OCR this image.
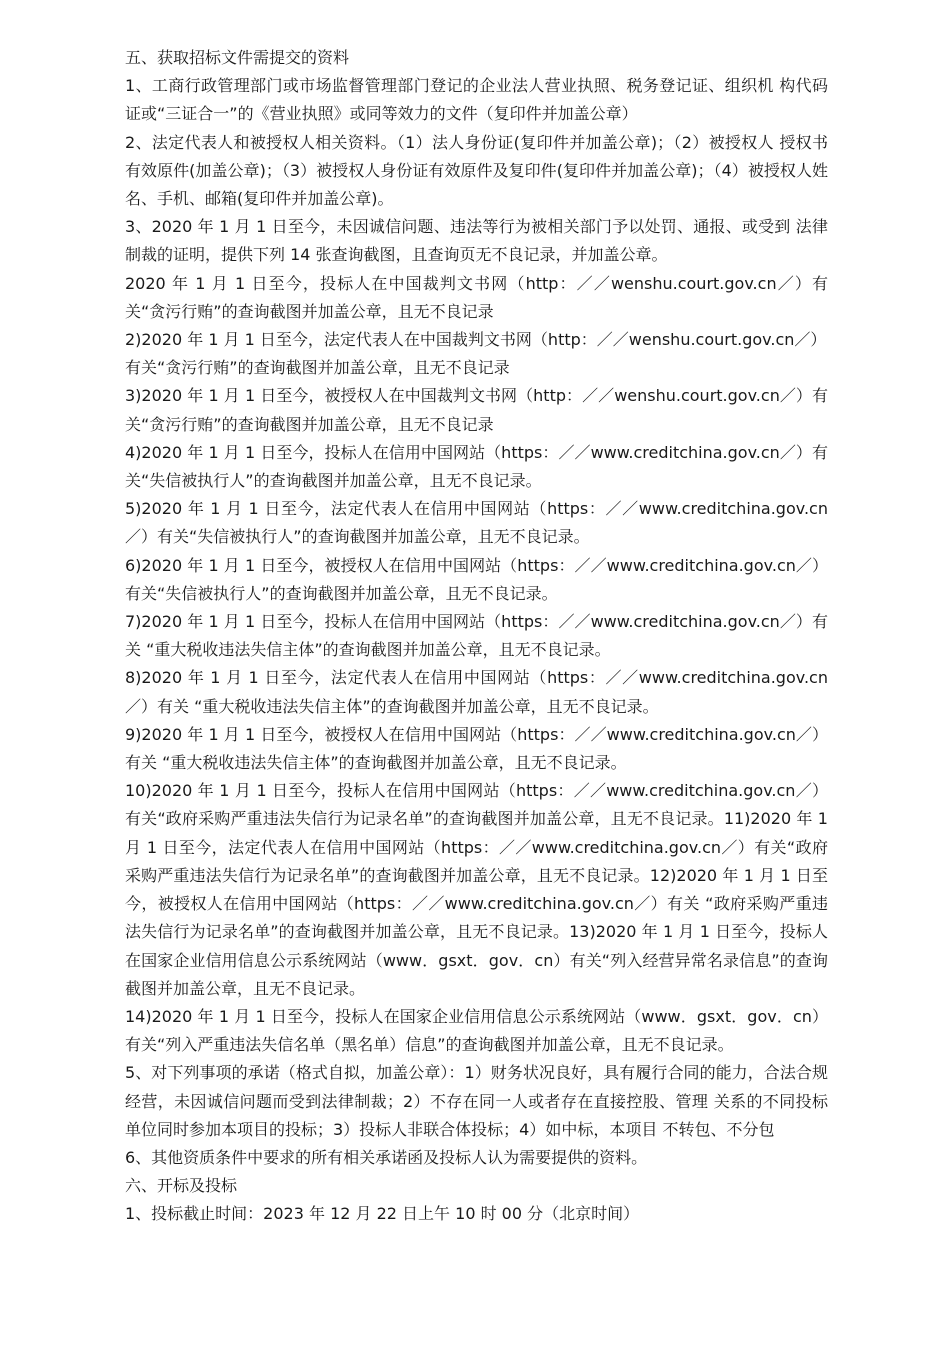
五、获取招标文件需提交的资料

1、工商行政管理部门或市场监督管理部门登记的企业法人营业执照、税务登记证、组织机 构代码证或“三证合一”的《营业执照》或同等效力的文件（复印件并加盖公章）

2、法定代表人和被授权人相关资料。（1）法人身份证(复印件并加盖公章)；（2）被授权人 授权书有效原件(加盖公章)；（3）被授权人身份证有效原件及复印件(复印件并加盖公章)；（4）被授权人姓名、手机、邮箱(复印件并加盖公章)。

3、2020 年 1 月 1 日至今，未因诚信问题、违法等行为被相关部门予以处罚、通报、或受到 法律制裁的证明，提供下列 14 张查询截图，且查询页无不良记录，并加盖公章。

2020 年 1 月 1 日至今，投标人在中国裁判文书网（http：／／wenshu.court.gov.cn／）有关“贪污行贿”的查询截图并加盖公章，且无不良记录

2)2020 年 1 月 1 日至今，法定代表人在中国裁判文书网（http：／／wenshu.court.gov.cn／）

有关“贪污行贿”的查询截图并加盖公章，且无不良记录

3)2020 年 1 月 1 日至今，被授权人在中国裁判文书网（http：／／wenshu.court.gov.cn／）有关“贪污行贿”的查询截图并加盖公章，且无不良记录

4)2020 年 1 月 1 日至今，投标人在信用中国网站（https：／／www.creditchina.gov.cn／）有关“失信被执行人”的查询截图并加盖公章，且无不良记录。

5)2020 年 1 月 1 日至今，法定代表人在信用中国网站（https：／／www.creditchina.gov.cn／）有关“失信被执行人”的查询截图并加盖公章，且无不良记录。

6)2020 年 1 月 1 日至今，被授权人在信用中国网站（https：／／www.creditchina.gov.cn／）有关“失信被执行人”的查询截图并加盖公章，且无不良记录。

7)2020 年 1 月 1 日至今，投标人在信用中国网站（https：／／www.creditchina.gov.cn／）有关 “重大税收违法失信主体”的查询截图并加盖公章，且无不良记录。

8)2020 年 1 月 1 日至今，法定代表人在信用中国网站（https：／／www.creditchina.gov.cn／）有关 “重大税收违法失信主体”的查询截图并加盖公章，且无不良记录。

9)2020 年 1 月 1 日至今，被授权人在信用中国网站（https：／／www.creditchina.gov.cn／）有关 “重大税收违法失信主体”的查询截图并加盖公章，且无不良记录。

10)2020 年 1 月 1 日至今，投标人在信用中国网站（https：／／www.creditchina.gov.cn／）有关“政府采购严重违法失信行为记录名单”的查询截图并加盖公章，且无不良记录。11)2020 年 1 月 1 日至今，法定代表人在信用中国网站（https：／／www.creditchina.gov.cn／）有关“政府采购严重违法失信行为记录名单”的查询截图并加盖公章，且无不良记录。12)2020 年 1 月 1 日至今，被授权人在信用中国网站（https：／／www.creditchina.gov.cn／）有关 “政府采购严重违法失信行为记录名单”的查询截图并加盖公章，且无不良记录。13)2020 年 1 月 1 日至今，投标人在国家企业信用信息公示系统网站（www．gsxt．gov．cn）有关“列入经营异常名录信息”的查询截图并加盖公章，且无不良记录。

14)2020 年 1 月 1 日至今，投标人在国家企业信用信息公示系统网站（www．gsxt．gov．cn）有关“列入严重违法失信名单（黑名单）信息”的查询截图并加盖公章，且无不良记录。

5、对下列事项的承诺（格式自拟，加盖公章）：1）财务状况良好，具有履行合同的能力，合法合规经营，未因诚信问题而受到法律制裁；2）不存在同一人或者存在直接控股、管理 关系的不同投标单位同时参加本项目的投标；3）投标人非联合体投标；4）如中标，本项目 不转包、不分包

6、其他资质条件中要求的所有相关承诺函及投标人认为需要提供的资料。

六、开标及投标

1、投标截止时间：2023 年 12 月 22 日上午 10 时 00 分（北京时间）
